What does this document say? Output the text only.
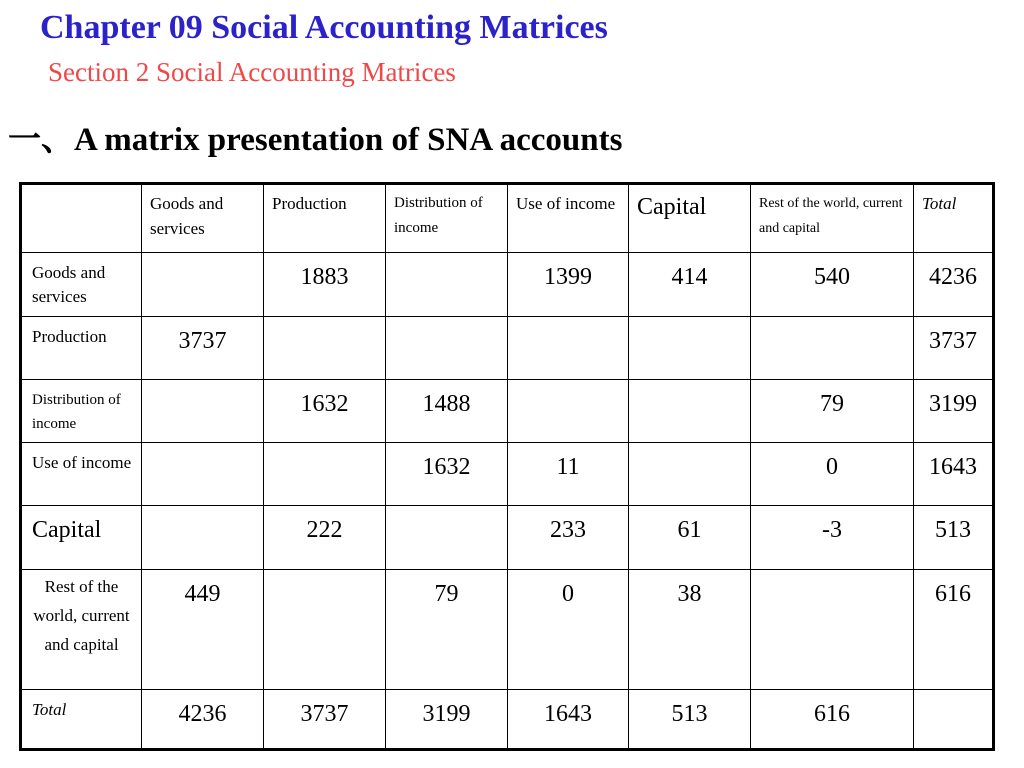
Chapter 09 Social Accounting Matrices
Section 2 Social Accounting Matrices
一、A matrix presentation of SNA accounts

	Goods and services	Production	Distribution of income	Use of income	Capital	Rest of the world, current and capital	Total

Goods and services		1883		1399	414	540	4236

Production	3737						3737

Distribution of income		1632	1488			79	3199

Use of income			1632	11		0	1643

Capital		222		233	61	-3	513

Rest of the world, current and capital	449		79	0	38		616

Total	4236	3737	3199	1643	513	616	
